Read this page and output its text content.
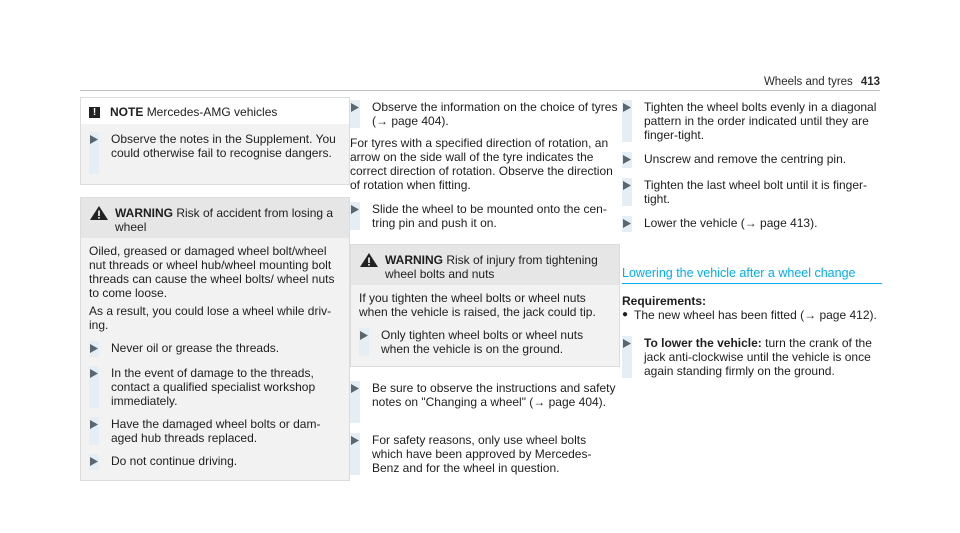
Wheels and tyres 413
!	NOTE
Mercedes-AMG vehicles
Observe the notes in the Supplement. You could otherwise fail to recognise dangers.
WARNING Risk of accident from losing a wheel

Oiled, greased or damaged wheel bolt/wheel nut threads or wheel hub/wheel mounting bolt threads can cause the wheel bolts/ wheel nuts to come loose.

As a result, you could lose a wheel while driv- ing.

Never oil or grease the threads.
In the event of damage to the threads, contact a qualified specialist workshop immediately.
Have the damaged wheel bolts or dam- aged hub threads replaced.
Do not continue driving.
Observe the information on the choice of tyres (→ page 404).

For tyres with a specified direction of rotation, an arrow on the side wall of the tyre indicates the correct direction of rotation. Observe the direction of rotation when fitting.

Slide the wheel to be mounted onto the cen- tring pin and push it on.
WARNING Risk of injury from tightening wheel bolts and nuts

If you tighten the wheel bolts or wheel nuts when the vehicle is raised, the jack could tip.

Only tighten wheel bolts or wheel nuts when the vehicle is on the ground.
Be sure to observe the instructions and safety notes on "Changing a wheel" (→ page 404).
For safety reasons, only use wheel bolts which have been approved by Mercedes- Benz and for the wheel in question.
Tighten the wheel bolts evenly in a diagonal pattern in the order indicated until they are finger-tight.
Unscrew and remove the centring pin.
Tighten the last wheel bolt until it is finger- tight.
Lower the vehicle (→ page 413).
Lowering the vehicle after a wheel change
Requirements:
● The new wheel has been fitted (→ page 412).
To lower the vehicle: turn the crank of the jack anti-clockwise until the vehicle is once again standing firmly on the ground.
